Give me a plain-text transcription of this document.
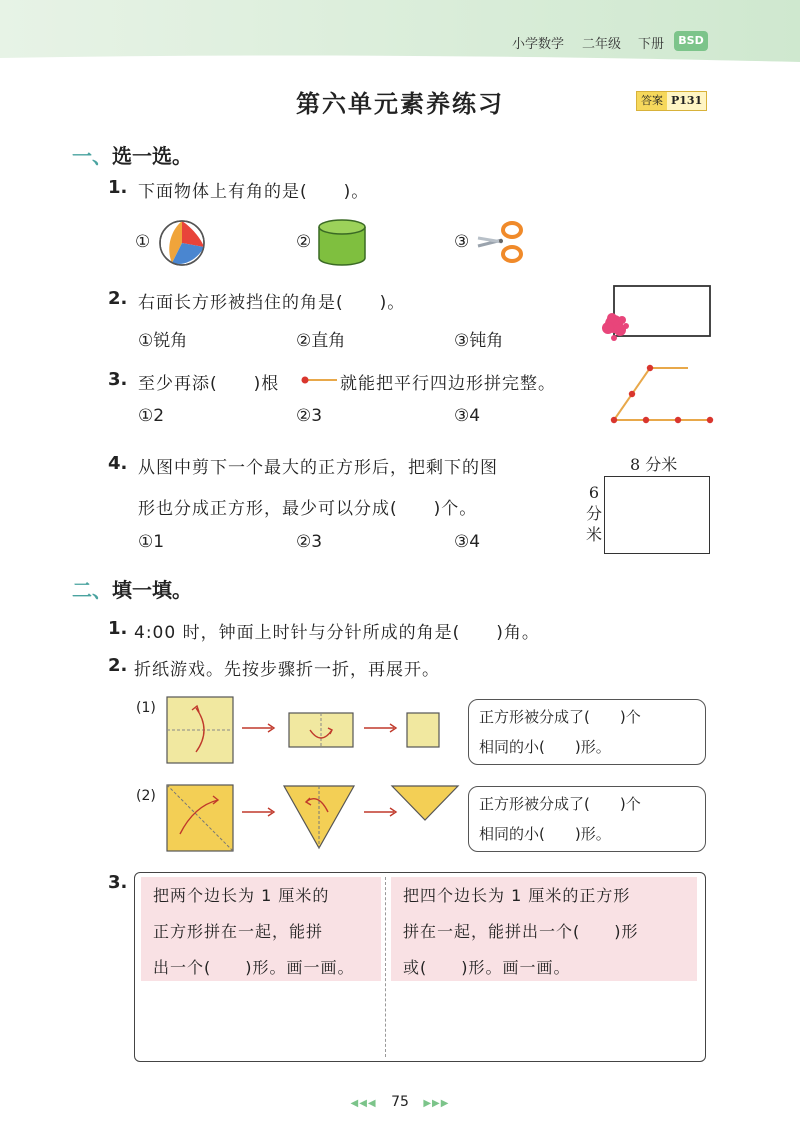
小学数学 二年级 下册	BSD
第六单元素养练习	答案 P131
一、选一选。
1. 下面物体上有角的是(　　)。
①	②	③
2. 右面长方形被挡住的角是(　　)。
①锐角	②直角	③钝角
3. 至少再添(　　)根	就能把平行四边形拼完整。
①2	②3	③4
4. 从图中剪下一个最大的正方形后，把剩下的图
形也分成正方形，最少可以分成(　　)个。
①1	②3	③4
8 分米
6
分
米
二、填一填。
1. 4:00 时，钟面上时针与分针所成的角是(　　)角。
2. 折纸游戏。先按步骤折一折，再展开。
(1)	正方形被分成了(　　)个
相同的小(　　)形。
(2)	正方形被分成了(　　)个
相同的小(　　)形。
3.
把两个边长为 1 厘米的
正方形拼在一起，能拼
出一个(　　)形。画一画。
把四个边长为 1 厘米的正方形
拼在一起，能拼出一个(　　)形
或(　　)形。画一画。
◀◀◀ 75 ▶▶▶
